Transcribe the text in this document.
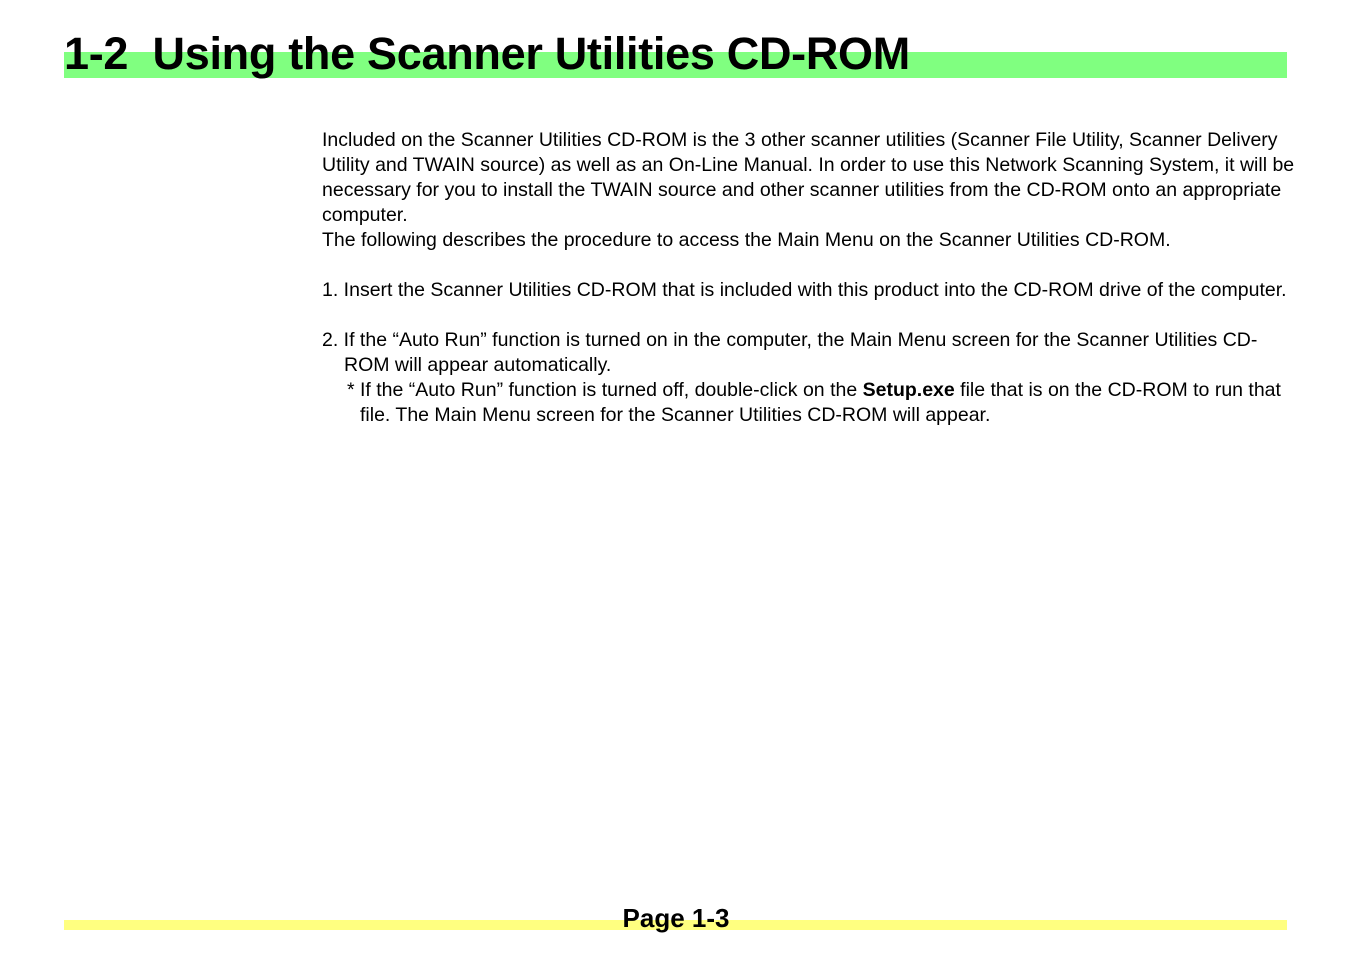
1-2  Using the Scanner Utilities CD-ROM

Included on the Scanner Utilities CD-ROM is the 3 other scanner utilities (Scanner File Utility, Scanner Delivery Utility and TWAIN source) as well as an On-Line Manual. In order to use this Network Scanning System, it will be necessary for you to install the TWAIN source and other scanner utilities from the CD-ROM onto an appropriate computer.

The following describes the procedure to access the Main Menu on the Scanner Utilities CD-ROM.

1. Insert the Scanner Utilities CD-ROM that is included with this product into the CD-ROM drive of the computer.

2. If the “Auto Run” function is turned on in the computer, the Main Menu screen for the Scanner Utilities CD-ROM will appear automatically.

* If the “Auto Run” function is turned off, double-click on the Setup.exe file that is on the CD-ROM to run that file. The Main Menu screen for the Scanner Utilities CD-ROM will appear.

Page 1-3
